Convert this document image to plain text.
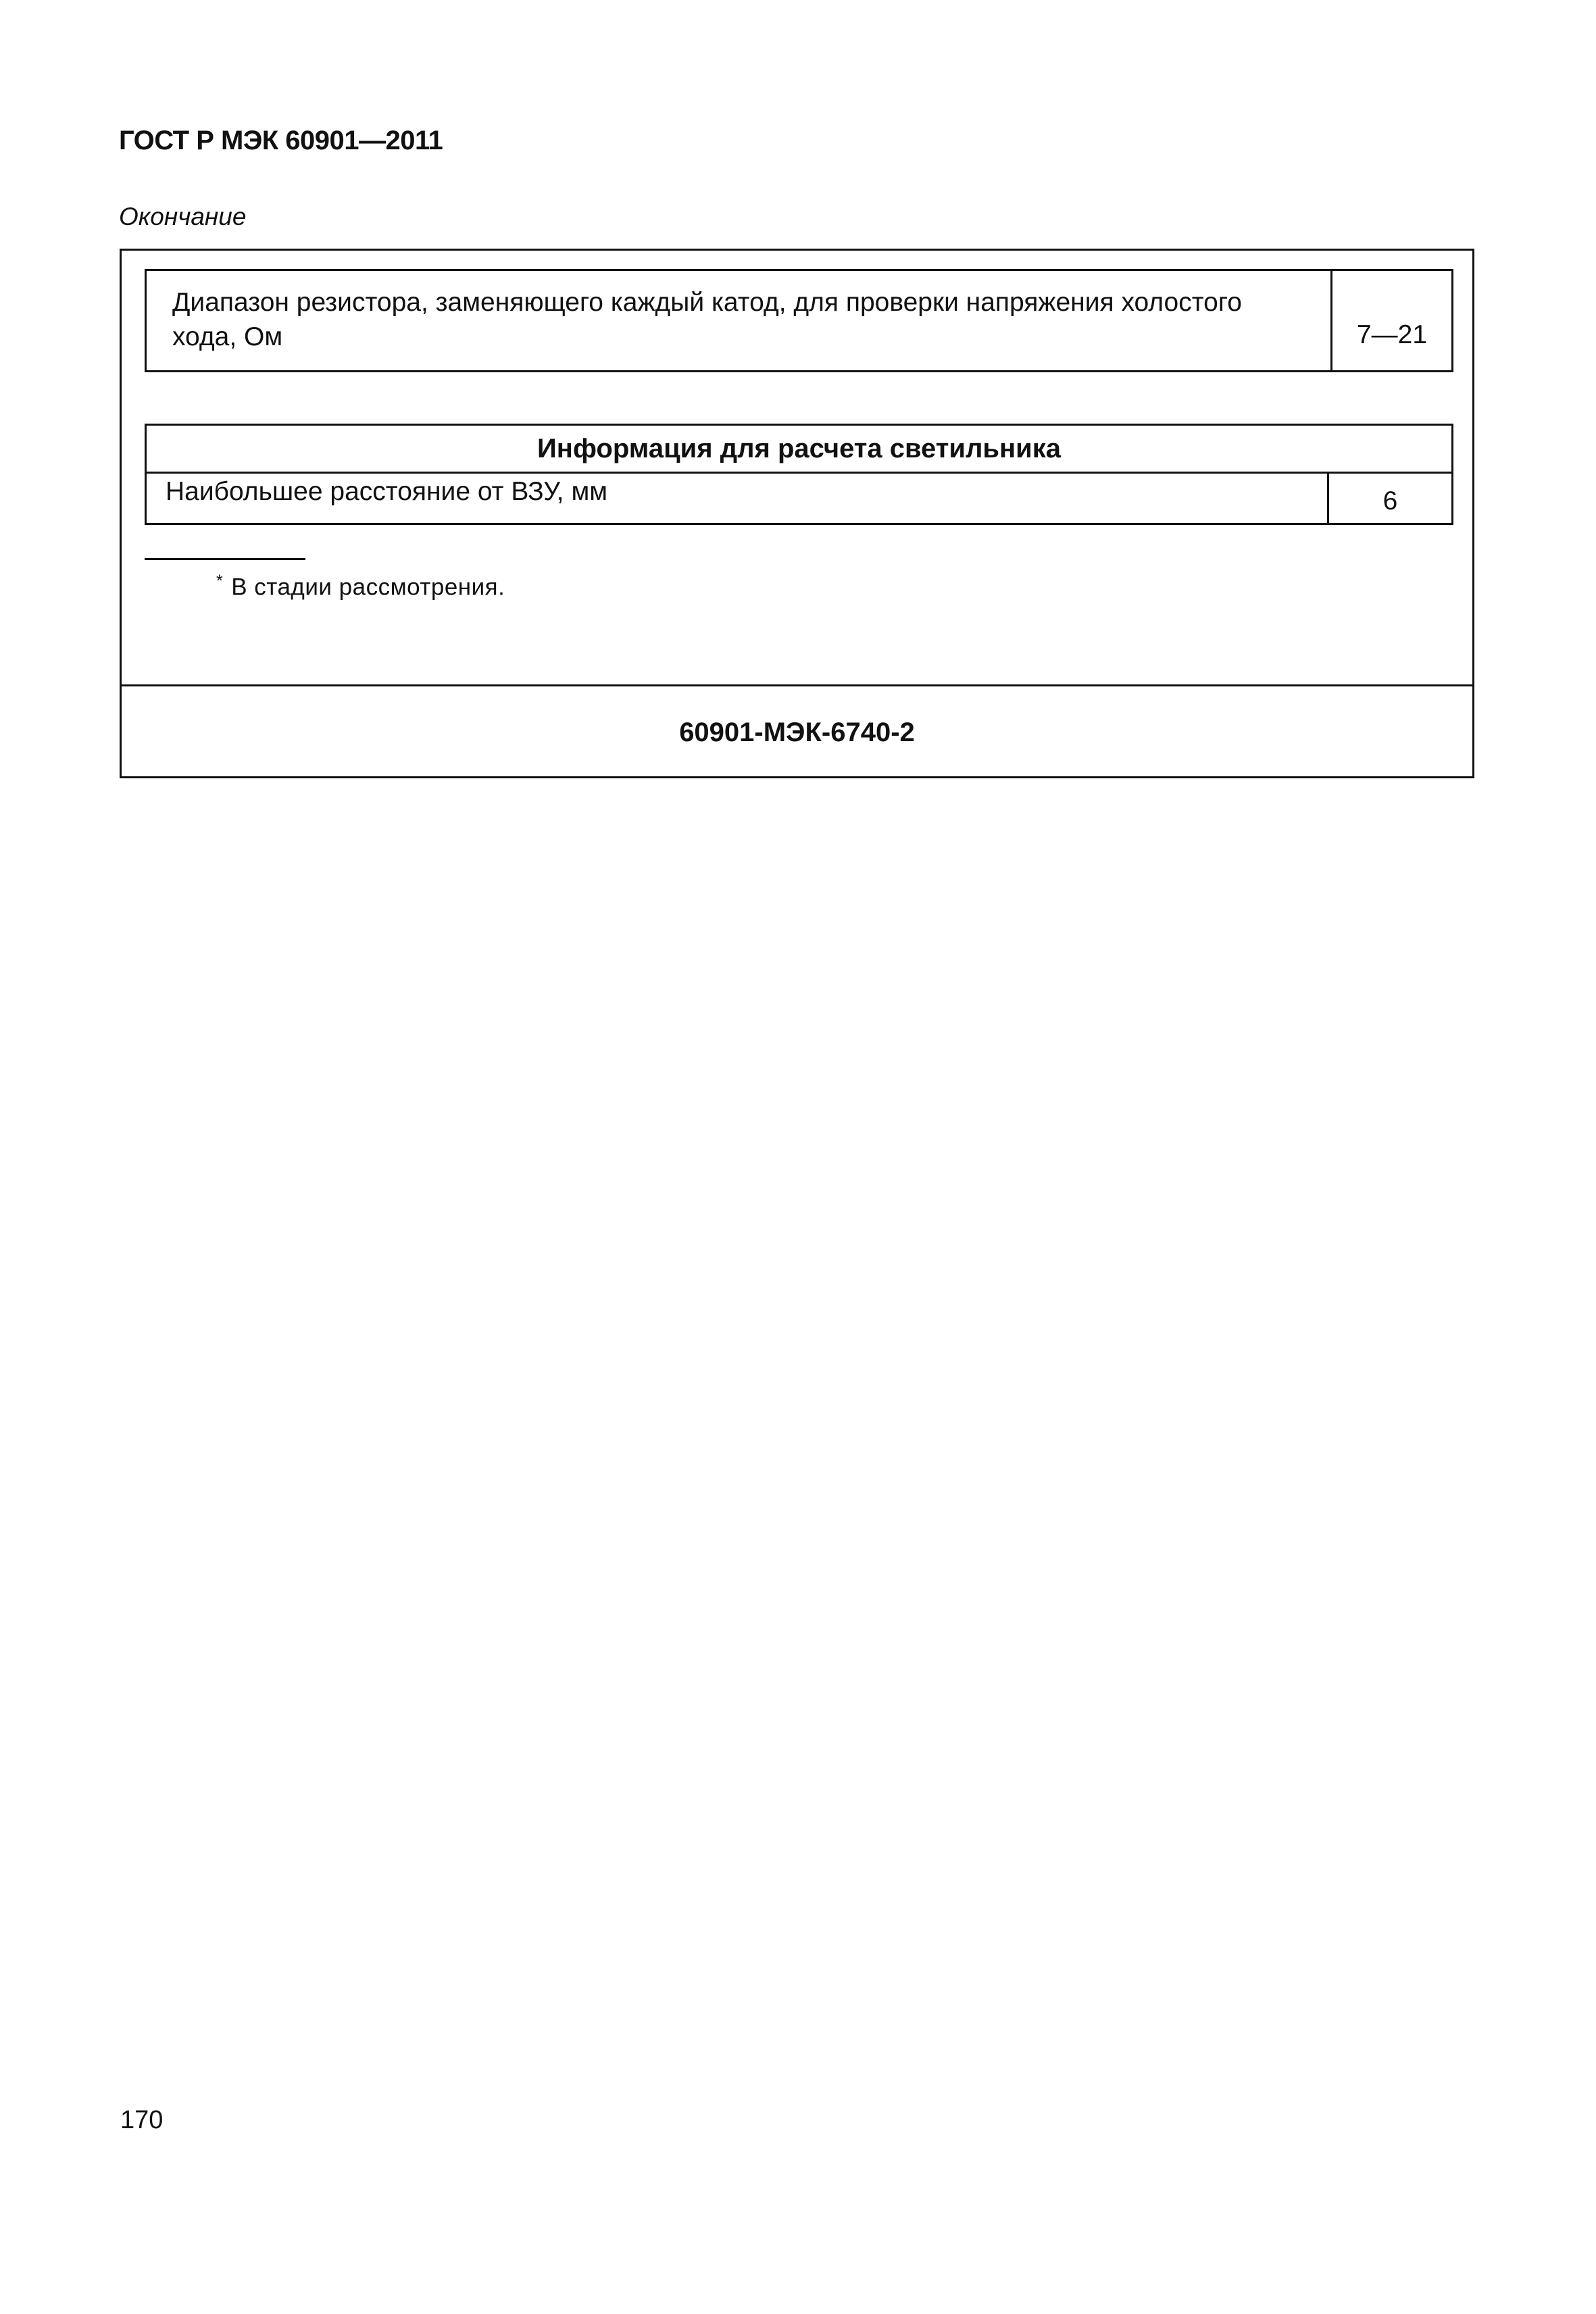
ГОСТ Р МЭК 60901—2011
Окончание
Диапазон резистора, заменяющего каждый катод, для проверки напряжения холостого хода, Ом	7—21
Информация для расчета светильника
Наибольшее расстояние от ВЗУ, мм	6
* В стадии рассмотрения.
60901-МЭК-6740-2
170
